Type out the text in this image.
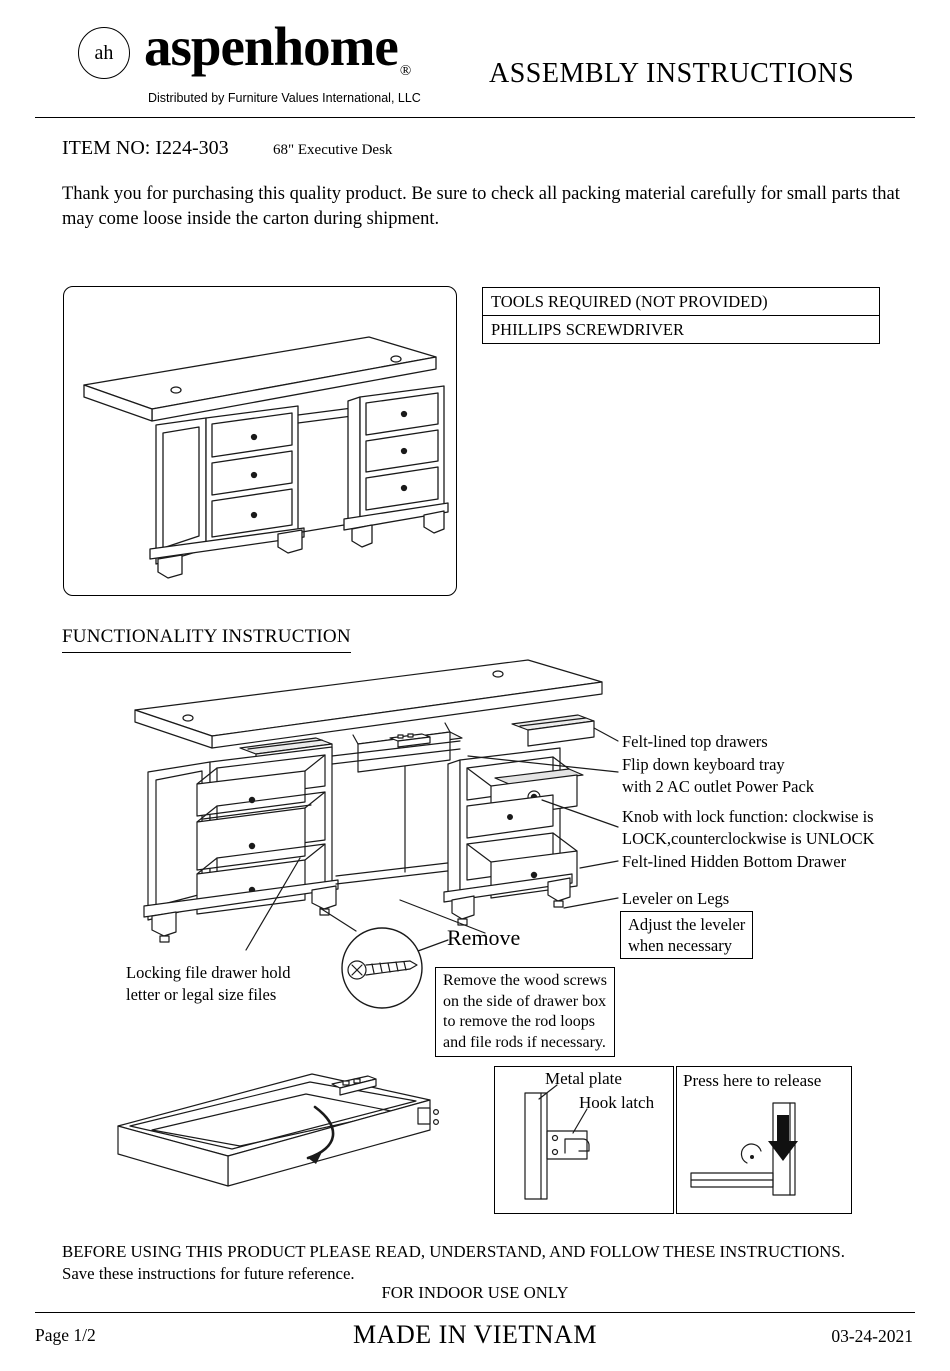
ah aspenhome ®
Distributed by Furniture Values International, LLC
ASSEMBLY INSTRUCTIONS
ITEM NO: I224-303	68" Executive Desk
Thank you for purchasing this quality product. Be sure to check all packing material carefully for small parts that may come loose inside the carton during shipment.
TOOLS REQUIRED (NOT PROVIDED)
PHILLIPS SCREWDRIVER
FUNCTIONALITY INSTRUCTION
Felt-lined top drawers
Flip down keyboard tray
with 2 AC outlet Power Pack
Knob with lock function: clockwise is
LOCK,counterclockwise is UNLOCK
Felt-lined Hidden Bottom Drawer
Leveler on Legs
Adjust the leveler
when necessary
Remove
Locking file drawer hold
letter or legal size files
Remove the wood screws
on the side of drawer box
to remove the rod loops
and file rods if necessary.
Metal plate
Hook latch
Press here to release
BEFORE USING THIS PRODUCT PLEASE READ, UNDERSTAND, AND FOLLOW THESE INSTRUCTIONS.
Save these instructions for future reference.
FOR INDOOR USE ONLY
Page 1/2	MADE IN VIETNAM	03-24-2021
